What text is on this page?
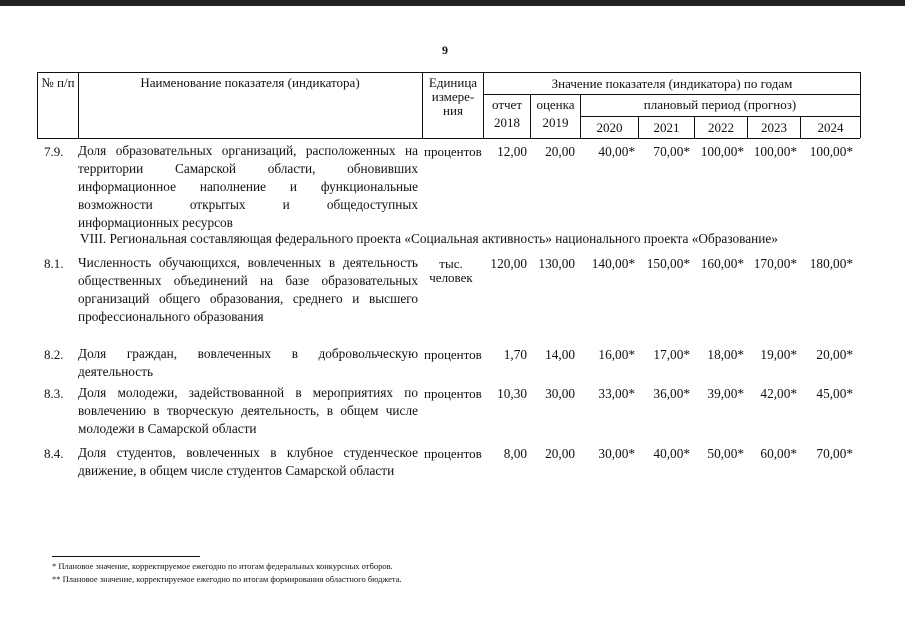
9
№ п/п	Наименование показателя (индикатора)	Единица измере-ния
Значение показателя (индикатора) по годам
отчет	оценка	плановый период (прогноз)
2018	2019	2020	2021	2022	2023	2024
VIII. Региональная составляющая федерального проекта «Социальная активность» национального проекта «Образование»
7.9. Доля образовательных организаций, расположенных на территории Самарской области, обновивших информационное наполнение и функциональные возможности открытых и общедоступных информационных ресурсов
процентов	12,00	20,00	40,00*	70,00* 100,00* 100,00* 100,00*
8.1. Численность обучающихся, вовлеченных в деятельность общественных объединений на базе образовательных организаций общего образования, среднего и высшего профессионального образования
тыс. человек
120,00 130,00	140,00* 150,00* 160,00* 170,00* 180,00*
8.2. Доля граждан, вовлеченных в добровольческую деятельность
процентов	1,70	14,00	16,00*	17,00*	18,00*	19,00*	20,00*
8.3. Доля молодежи, задействованной в мероприятиях по вовлечению в творческую деятельность, в общем числе молодежи в Самарской области
процентов	10,30	30,00	33,00*	36,00*	39,00*	42,00*	45,00*
8.4. Доля студентов, вовлеченных в клубное студенческое движение, в общем числе студентов Самарской области
процентов	8,00	20,00	30,00*	40,00*	50,00*	60,00*	70,00*
* Плановое значение, корректируемое ежегодно по итогам федеральных конкурсных отборов.
** Плановое значение, корректируемое ежегодно по итогам формирования областного бюджета.
